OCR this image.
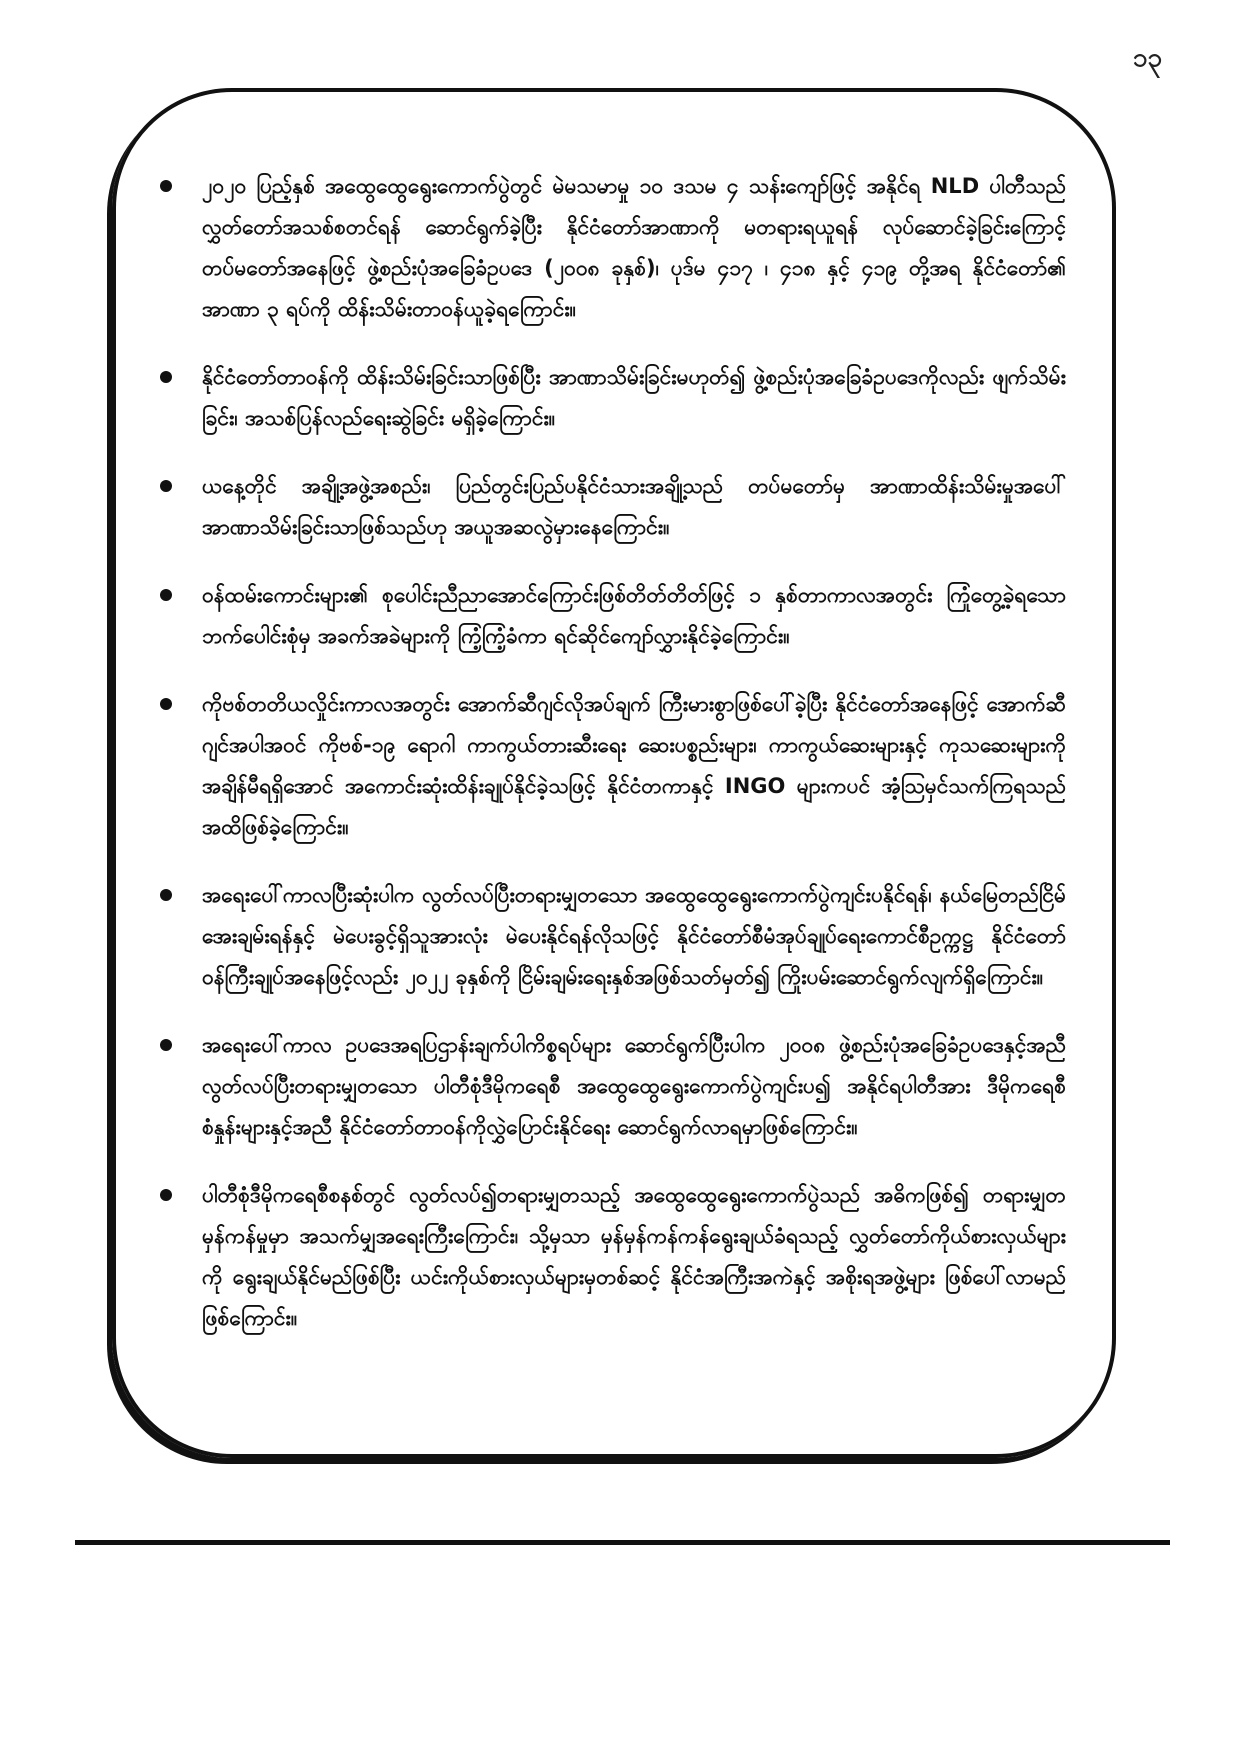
၁၃
၂၀၂၀ ပြည့်နှစ် အထွေထွေရွေးကောက်ပွဲတွင် မဲမသမာမှု ၁၀ ဒသမ ၄ သန်းကျော်ဖြင့် အနိုင်ရ NLD ပါတီသည် လွှတ်တော်အသစ်စတင်ရန် ဆောင်ရွက်ခဲ့ပြီး နိုင်ငံတော်အာဏာကို မတရားရယူရန် လုပ်ဆောင်ခဲ့ခြင်းကြောင့် တပ်မတော်အနေဖြင့် ဖွဲ့စည်းပုံအခြေခံဥပဒေ (၂၀၀၈ ခုနှစ်)၊ ပုဒ်မ ၄၁၇ ၊ ၄၁၈ နှင့် ၄၁၉ တို့အရ နိုင်ငံတော်၏ အာဏာ ၃ ရပ်ကို ထိန်းသိမ်းတာဝန်ယူခဲ့ရကြောင်း။
နိုင်ငံတော်တာဝန်ကို ထိန်းသိမ်းခြင်းသာဖြစ်ပြီး အာဏာသိမ်းခြင်းမဟုတ်၍ ဖွဲ့စည်းပုံအခြေခံဥပဒေကိုလည်း ဖျက်သိမ်းခြင်း၊ အသစ်ပြန်လည်ရေးဆွဲခြင်း မရှိခဲ့ကြောင်း။
ယနေ့တိုင် အချို့အဖွဲ့အစည်း၊ ပြည်တွင်းပြည်ပနိုင်ငံသားအချို့သည် တပ်မတော်မှ အာဏာထိန်းသိမ်းမှုအပေါ် အာဏာသိမ်းခြင်းသာဖြစ်သည်ဟု အယူအဆလွဲမှားနေကြောင်း။
ဝန်ထမ်းကောင်းများ၏ စုပေါင်းညီညာအောင်ကြောင်းဖြစ်တိတ်တိတ်ဖြင့် ၁ နှစ်တာကာလအတွင်း ကြုံတွေ့ခဲ့ရသော ဘက်ပေါင်းစုံမှ အခက်အခဲများကို ကြံ့ကြံ့ခံကာ ရင်ဆိုင်ကျော်လွှားနိုင်ခဲ့ကြောင်း။
ကိုဗစ်တတိယလှိုင်းကာလအတွင်း အောက်ဆီဂျင်လိုအပ်ချက် ကြီးမားစွာဖြစ်ပေါ်ခဲ့ပြီး နိုင်ငံတော်အနေဖြင့် အောက်ဆီဂျင်အပါအဝင် ကိုဗစ်-၁၉ ရောဂါ ကာကွယ်တားဆီးရေး ဆေးပစ္စည်းများ၊ ကာကွယ်ဆေးများနှင့် ကုသဆေးများကို အချိန်မီရရှိအောင် အကောင်းဆုံးထိန်းချုပ်နိုင်ခဲ့သဖြင့် နိုင်ငံတကာနှင့် INGO များကပင် အံ့ဩမှင်သက်ကြရသည်အထိဖြစ်ခဲ့ကြောင်း။
အရေးပေါ်ကာလပြီးဆုံးပါက လွတ်လပ်ပြီးတရားမျှတသော အထွေထွေရွေးကောက်ပွဲကျင်းပနိုင်ရန်၊ နယ်မြေတည်ငြိမ်အေးချမ်းရန်နှင့် မဲပေးခွင့်ရှိသူအားလုံး မဲပေးနိုင်ရန်လိုသဖြင့် နိုင်ငံတော်စီမံအုပ်ချုပ်ရေးကောင်စီဥက္ကဋ္ဌ နိုင်ငံတော်ဝန်ကြီးချုပ်အနေဖြင့်လည်း ၂၀၂၂ ခုနှစ်ကို ငြိမ်းချမ်းရေးနှစ်အဖြစ်သတ်မှတ်၍ ကြိုးပမ်းဆောင်ရွက်လျက်ရှိကြောင်း။
အရေးပေါ်ကာလ ဥပဒေအရပြဌာန်းချက်ပါကိစ္စရပ်များ ဆောင်ရွက်ပြီးပါက ၂၀၀၈ ဖွဲ့စည်းပုံအခြေခံဥပဒေနှင့်အညီ လွတ်လပ်ပြီးတရားမျှတသော ပါတီစုံဒီမိုကရေစီ အထွေထွေရွေးကောက်ပွဲကျင်းပ၍ အနိုင်ရပါတီအား ဒီမိုကရေစီစံနှုန်းများနှင့်အညီ နိုင်ငံတော်တာဝန်ကိုလွှဲပြောင်းနိုင်ရေး ဆောင်ရွက်လာရမှာဖြစ်ကြောင်း။
ပါတီစုံဒီမိုကရေစီစနစ်တွင် လွတ်လပ်၍တရားမျှတသည့် အထွေထွေရွေးကောက်ပွဲသည် အဓိကဖြစ်၍ တရားမျှတမှန်ကန်မှုမှာ အသက်မျှအရေးကြီးကြောင်း၊ သို့မှသာ မှန်မှန်ကန်ကန်ရွေးချယ်ခံရသည့် လွှတ်တော်ကိုယ်စားလှယ်များကို ရွေးချယ်နိုင်မည်ဖြစ်ပြီး ယင်းကိုယ်စားလှယ်များမှတစ်ဆင့် နိုင်ငံအကြီးအကဲနှင့် အစိုးရအဖွဲ့များ ဖြစ်ပေါ်လာမည်ဖြစ်ကြောင်း။
